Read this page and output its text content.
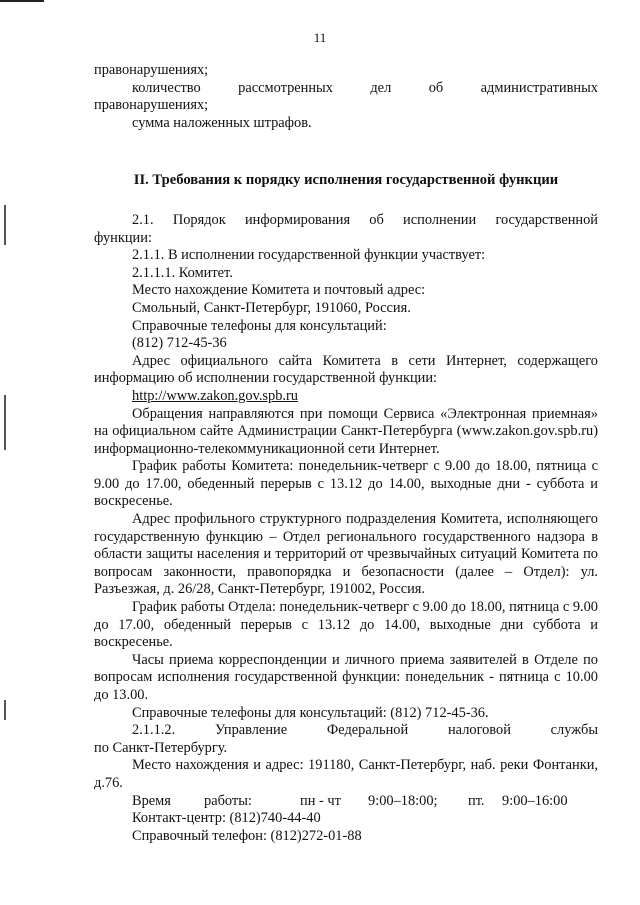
11

правонарушениях;

количество рассмотренных дел об административных

правонарушениях;

сумма наложенных штрафов.

II. Требования к порядку исполнения государственной функции

2.1. Порядок информирования об исполнении государственной

функции:

2.1.1. В исполнении государственной функции участвует:

2.1.1.1. Комитет.

Место нахождение Комитета и почтовый адрес:

Смольный, Санкт-Петербург, 191060, Россия.

Справочные телефоны для консультаций:

(812) 712-45-36

Адрес официального сайта Комитета в сети Интернет, содержащего информацию об исполнении государственной функции:

http://www.zakon.gov.spb.ru

Обращения направляются при помощи Сервиса «Электронная приемная» на официальном сайте Администрации Санкт-Петербурга (www.zakon.gov.spb.ru) информационно-телекоммуникационной сети Интернет.

График работы Комитета: понедельник-четверг с 9.00 до 18.00, пятница с 9.00 до 17.00, обеденный перерыв с 13.12 до 14.00, выходные дни - суббота и воскресенье.

Адрес профильного структурного подразделения Комитета, исполняющего государственную функцию – Отдел регионального государственного надзора в области защиты населения и территорий от чрезвычайных ситуаций Комитета по вопросам законности, правопорядка и безопасности (далее – Отдел): ул. Разъезжая, д. 26/28, Санкт-Петербург, 191002, Россия.

График работы Отдела: понедельник-четверг с 9.00 до 18.00, пятница с 9.00 до 17.00, обеденный перерыв с 13.12 до 14.00, выходные дни суббота и воскресенье.

Часы приема корреспонденции и личного приема заявителей в Отделе по вопросам исполнения государственной функции: понедельник - пятница с 10.00 до 13.00.

Справочные телефоны для консультаций: (812) 712-45-36.

2.1.1.2. Управление Федеральной налоговой службы

по Санкт-Петербургу.

Место нахождения и адрес: 191180, Санкт-Петербург, наб. реки Фонтанки, д.76.

Время	работы:	пн - чт	9:00–18:00;	пт.	9:00–16:00

Контакт-центр: (812)740-44-40

Справочный телефон: (812)272-01-88
